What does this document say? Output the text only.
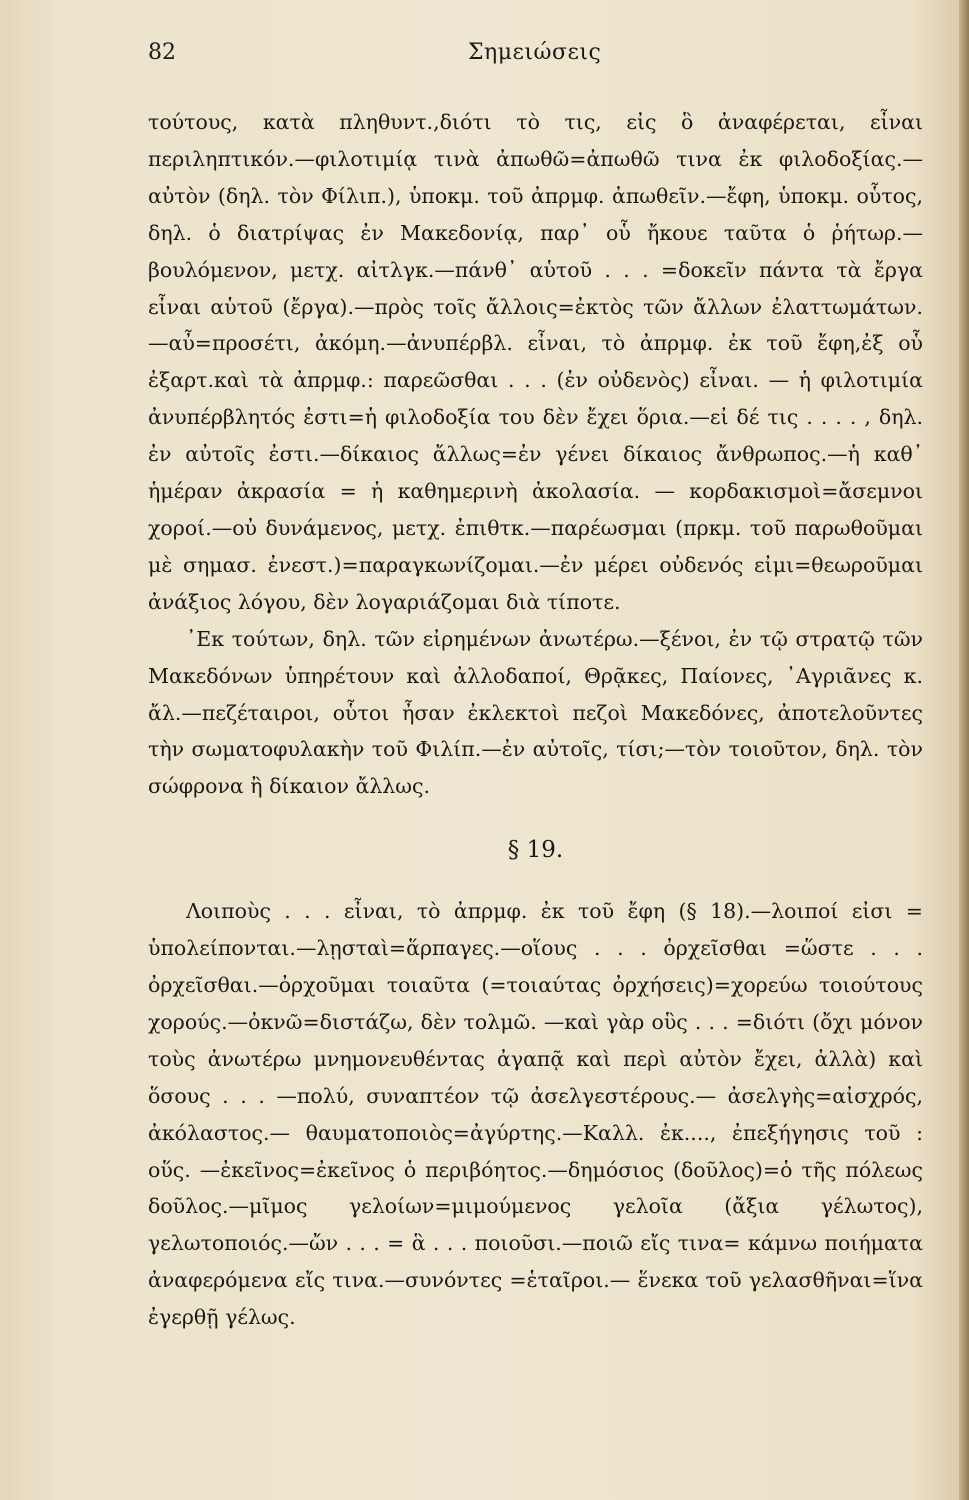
82	Σημειώσεις

τούτους, κατὰ πληθυντ.,διότι τὸ τις, εἰς ὃ ἀναφέρεται, εἶναι περιληπτικόν.—φιλοτιμίᾳ τινὰ ἀπωθῶ=ἀπωθῶ τινα ἐκ φιλοδοξίας.—αὐτὸν (δηλ. τὸν Φίλιπ.), ὑποκμ. τοῦ ἀπρμφ. ἀπωθεῖν.—ἔφη, ὑποκμ. οὗτος, δηλ. ὁ διατρίψας ἐν Μακεδονίᾳ, παρ᾽ οὗ ἤκουε ταῦτα ὁ ῥήτωρ.—βουλόμενον, μετχ. αἰτλγκ.—πάνθ᾽ αὑτοῦ . . . =δοκεῖν πάντα τὰ ἔργα εἶναι αὑτοῦ (ἔργα).—πρὸς τοῖς ἄλλοις=ἐκτὸς τῶν ἄλλων ἐλαττωμάτων.—αὖ=προσέτι, ἀκόμη.—ἀνυπέρβλ. εἶναι, τὸ ἀπρμφ. ἐκ τοῦ ἔφη,ἐξ οὗ ἐξαρτ.καὶ τὰ ἀπρμφ.: παρεῶσθαι . . . (ἐν οὐδενὸς) εἶναι. — ἡ φιλοτιμία ἀνυπέρβλητός ἐστι=ἡ φιλοδοξία του δὲν ἔχει ὅρια.—εἰ δέ τις . . . . , δηλ. ἐν αὐτοῖς ἐστι.—δίκαιος ἄλλως=ἐν γένει δίκαιος ἄνθρωπος.—ἡ καθ᾽ ἡμέραν ἀκρασία = ἡ καθημερινὴ ἀκολασία. — κορδακισμοὶ=ἄσεμνοι χοροί.—οὐ δυνάμενος, μετχ. ἐπιθτκ.—παρέωσμαι (πρκμ. τοῦ παρωθοῦμαι μὲ σημασ. ἐνεστ.)=παραγκωνίζομαι.—ἐν μέρει οὐδενός εἰμι=θεωροῦμαι ἀνάξιος λόγου, δὲν λογαριάζομαι διὰ τίποτε.

᾽Εκ τούτων, δηλ. τῶν εἰρημένων ἀνωτέρω.—ξένοι, ἐν τῷ στρατῷ τῶν Μακεδόνων ὑπηρέτουν καὶ ἀλλοδαποί, Θρᾷκες, Παίονες, ᾽Αγριᾶνες κ. ἄλ.—πεζέταιροι, οὗτοι ἦσαν ἐκλεκτοὶ πεζοὶ Μακεδόνες, ἀποτελοῦντες τὴν σωματοφυλακὴν τοῦ Φιλίπ.—ἐν αὐτοῖς, τίσι;—τὸν τοιοῦτον, δηλ. τὸν σώφρονα ἢ δίκαιον ἄλλως.

§ 19.

Λοιποὺς . . . εἶναι, τὸ ἀπρμφ. ἐκ τοῦ ἔφη (§ 18).—λοιποί εἰσι = ὑπολείπονται.—λῃσταὶ=ἅρπαγες.—οἵους . . . ὀρχεῖσθαι =ὥστε . . . ὀρχεῖσθαι.—ὀρχοῦμαι τοιαῦτα (=τοιαύτας ὀρχήσεις)=χορεύω τοιούτους χορούς.—ὀκνῶ=διστάζω, δὲν τολμῶ. —καὶ γὰρ οὓς . . . =διότι (ὄχι μόνον τοὺς ἀνωτέρω μνημονευθέντας ἀγαπᾷ καὶ περὶ αὐτὸν ἔχει, ἀλλὰ) καὶ ὅσους . . . —πολύ, συναπτέον τῷ ἀσελγεστέρους.— ἀσελγὴς=αἰσχρός, ἀκόλαστος.— θαυματοποιὸς=ἀγύρτης.—Καλλ. ἐκ...., ἐπεξήγησις τοῦ : οὕς. —ἐκεῖνος=ἐκεῖνος ὁ περιβόητος.—δημόσιος (δοῦλος)=ὁ τῆς πόλεως δοῦλος.—μῖμος γελοίων=μιμούμενος γελοῖα (ἄξια γέλωτος), γελωτοποιός.—ὤν . . . = ἃ . . . ποιοῦσι.—ποιῶ εἴς τινα= κάμνω ποιήματα ἀναφερόμενα εἴς τινα.—συνόντες =ἑταῖροι.— ἕνεκα τοῦ γελασθῆναι=ἵνα ἐγερθῇ γέλως.
